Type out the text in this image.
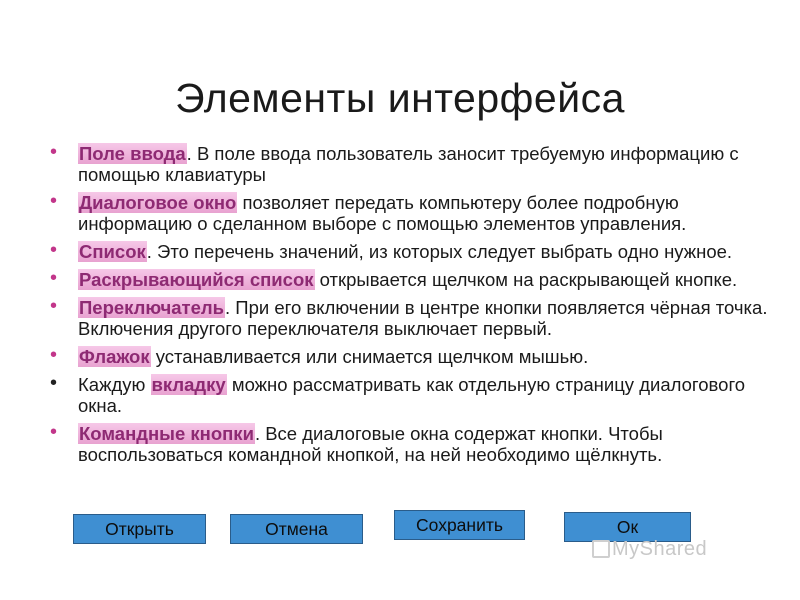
Элементы интерфейса
• Поле ввода. В поле ввода пользователь заносит требуемую информацию с помощью клавиатуры
• Диалоговое окно позволяет передать компьютеру более подробную информацию о сделанном выборе с помощью элементов управления.
• Список. Это перечень значений, из которых следует выбрать одно нужное.
• Раскрывающийся список открывается щелчком на раскрывающей кнопке.
• Переключатель. При его включении в центре кнопки появляется чёрная точка. Включения другого переключателя выключает первый.
• Флажок устанавливается или снимается щелчком мышью.
• Каждую вкладку можно рассматривать как отдельную страницу диалогового окна.
• Командные кнопки. Все диалоговые окна содержат кнопки. Чтобы воспользоваться командной кнопкой, на ней необходимо щёлкнуть.
Открыть	Отмена	Сохранить	Ок
MyShared
